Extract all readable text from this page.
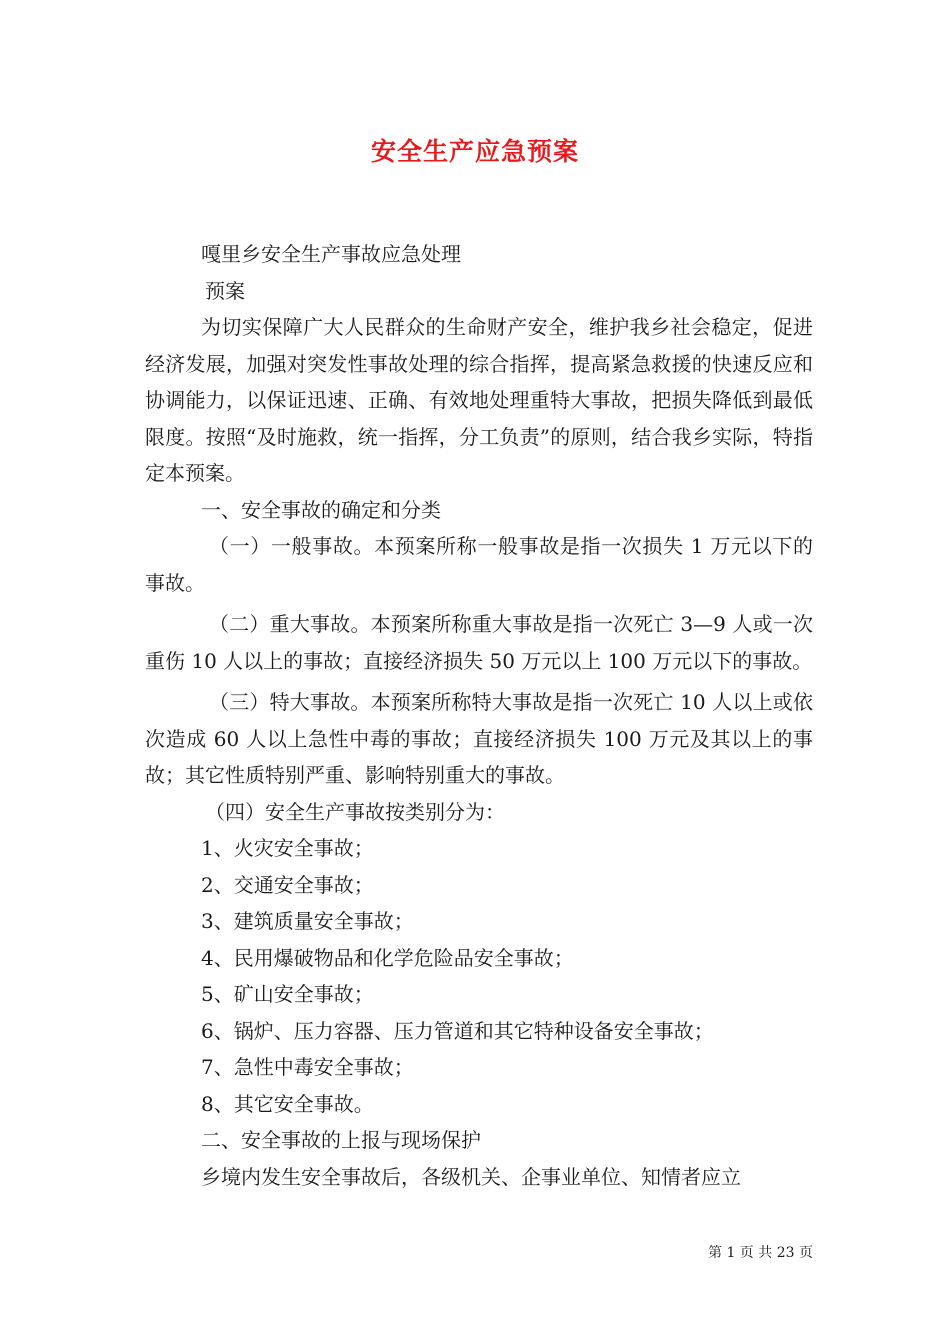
安全生产应急预案

嘎里乡安全生产事故应急处理

预案

为切实保障广大人民群众的生命财产安全，维护我乡社会稳定，促进经济发展，加强对突发性事故处理的综合指挥，提高紧急救援的快速反应和协调能力，以保证迅速、正确、有效地处理重特大事故，把损失降低到最低限度。按照“及时施救，统一指挥，分工负责”的原则，结合我乡实际，特指定本预案。

一、安全事故的确定和分类

（一）一般事故。本预案所称一般事故是指一次损失 1 万元以下的事故。

（二）重大事故。本预案所称重大事故是指一次死亡 3—9 人或一次重伤 10 人以上的事故；直接经济损失 50 万元以上 100 万元以下的事故。

（三）特大事故。本预案所称特大事故是指一次死亡 10 人以上或依次造成 60 人以上急性中毒的事故；直接经济损失 100 万元及其以上的事故；其它性质特别严重、影响特别重大的事故。

（四）安全生产事故按类别分为：

1、火灾安全事故；

2、交通安全事故；

3、建筑质量安全事故；

4、民用爆破物品和化学危险品安全事故；

5、矿山安全事故；

6、锅炉、压力容器、压力管道和其它特种设备安全事故；

7、急性中毒安全事故；

8、其它安全事故。

二、安全事故的上报与现场保护

乡境内发生安全事故后，各级机关、企事业单位、知情者应立

第 1 页 共 23 页
